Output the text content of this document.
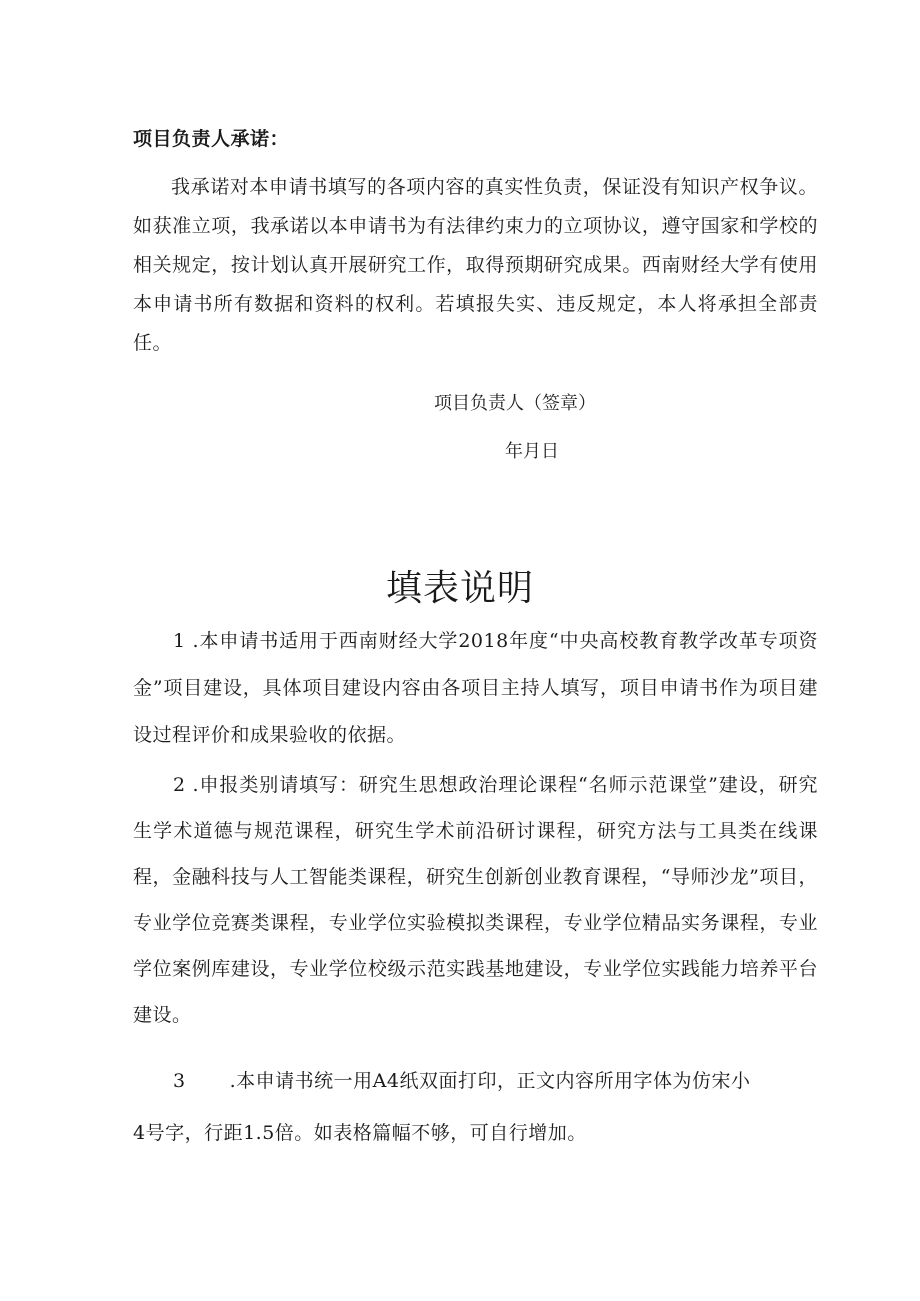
项目负责人承诺：
我承诺对本申请书填写的各项内容的真实性负责，保证没有知识产权争议。如获准立项，我承诺以本申请书为有法律约束力的立项协议，遵守国家和学校的相关规定，按计划认真开展研究工作，取得预期研究成果。西南财经大学有使用本申请书所有数据和资料的权利。若填报失实、违反规定，本人将承担全部责任。
项目负责人（签章）
年月日
填表说明
1 .本申请书适用于西南财经大学2018年度“中央高校教育教学改革专项资金”项目建设，具体项目建设内容由各项目主持人填写，项目申请书作为项目建设过程评价和成果验收的依据。
2 .申报类别请填写：研究生思想政治理论课程“名师示范课堂”建设，研究生学术道德与规范课程，研究生学术前沿研讨课程，研究方法与工具类在线课程，金融科技与人工智能类课程，研究生创新创业教育课程，“导师沙龙”项目，专业学位竞赛类课程，专业学位实验模拟类课程，专业学位精品实务课程，专业学位案例库建设，专业学位校级示范实践基地建设，专业学位实践能力培养平台建设。
3 .本申请书统一用A4纸双面打印，正文内容所用字体为仿宋小
4号字，行距1.5倍。如表格篇幅不够，可自行增加。
